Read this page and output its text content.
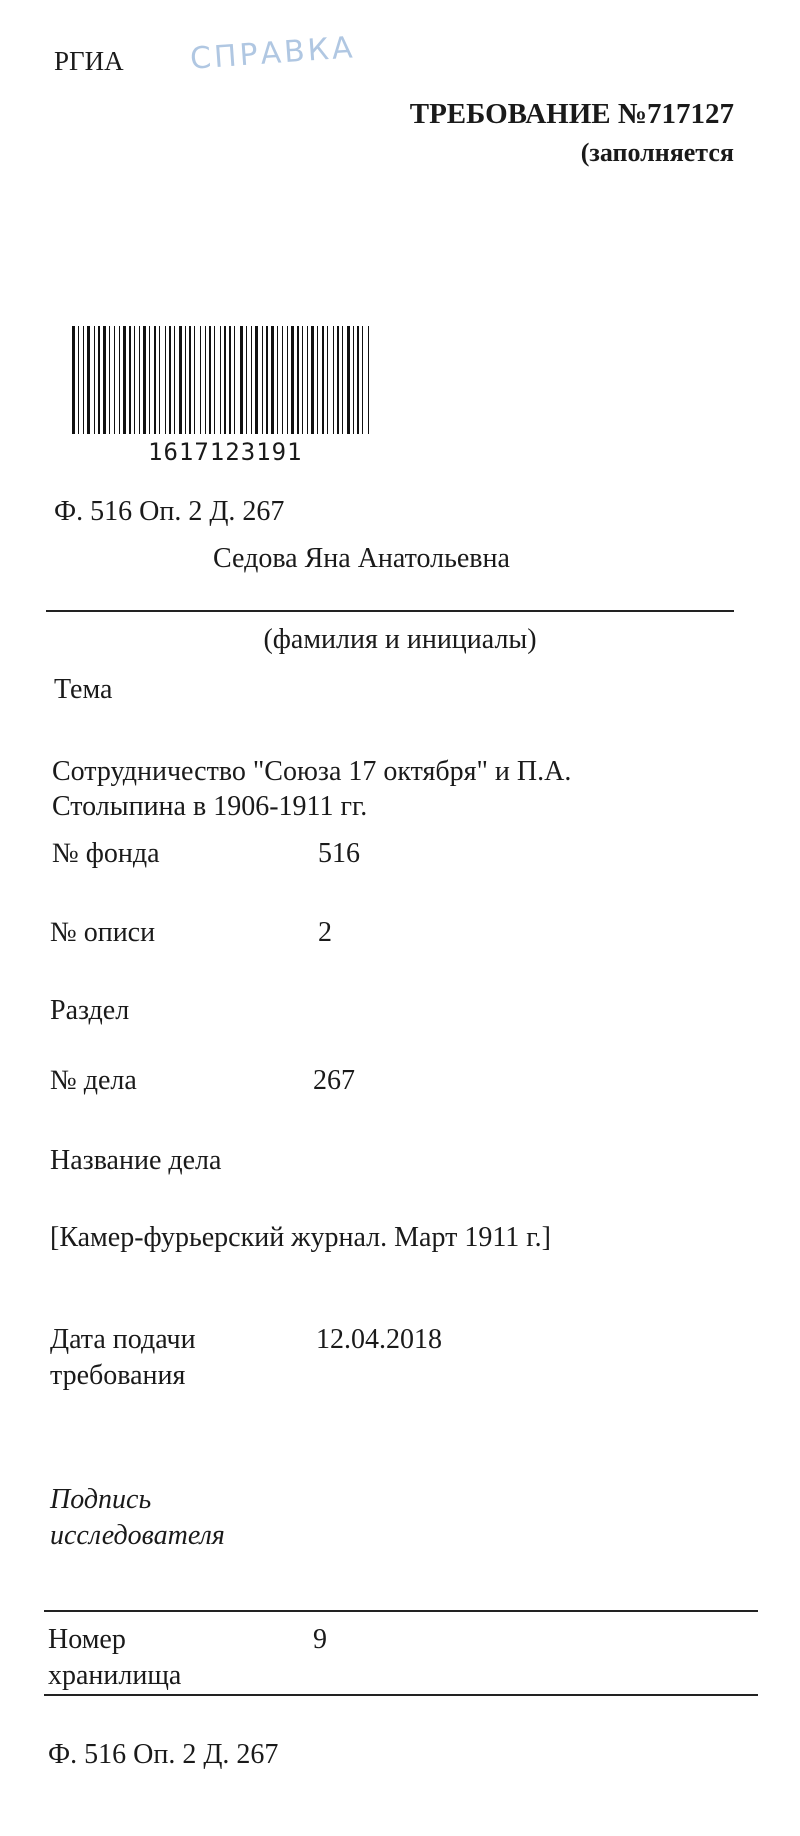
РГИА СПРАВКА
ТРЕБОВАНИЕ №717127
(заполняется
1617123191
Ф. 516 Оп. 2 Д. 267
Седова Яна Анатольевна
(фамилия и инициалы)
Тема
Сотрудничество "Союза 17 октября" и П.А.
Столыпина в 1906-1911 гг.
№ фонда	516
№ описи	2
Раздел
№ дела	267
Название дела
[Камер-фурьерский журнал. Март 1911 г.]
Дата подачи
требования
12.04.2018
Подпись
исследователя
Номер
хранилища
9
Ф. 516 Оп. 2 Д. 267
